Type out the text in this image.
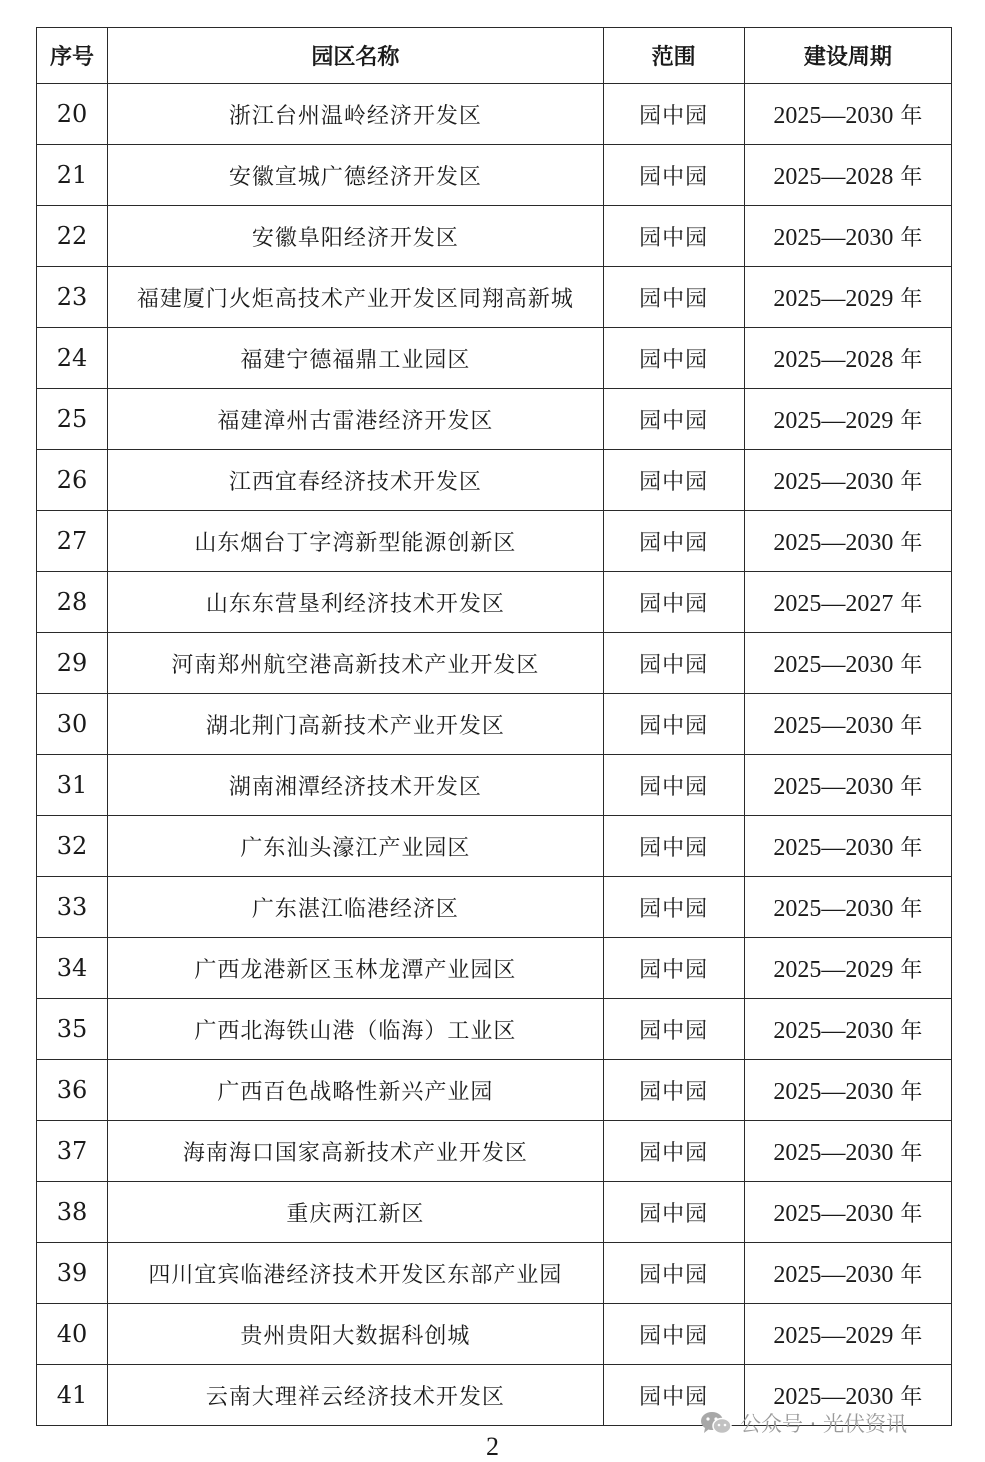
序号	园区名称	范围	建设周期
20	浙江台州温岭经济开发区	园中园	2025—2030 年
21	安徽宣城广德经济开发区	园中园	2025—2028 年
22	安徽阜阳经济开发区	园中园	2025—2030 年
23	福建厦门火炬高技术产业开发区同翔高新城	园中园	2025—2029 年
24	福建宁德福鼎工业园区	园中园	2025—2028 年
25	福建漳州古雷港经济开发区	园中园	2025—2029 年
26	江西宜春经济技术开发区	园中园	2025—2030 年
27	山东烟台丁字湾新型能源创新区	园中园	2025—2030 年
28	山东东营垦利经济技术开发区	园中园	2025—2027 年
29	河南郑州航空港高新技术产业开发区	园中园	2025—2030 年
30	湖北荆门高新技术产业开发区	园中园	2025—2030 年
31	湖南湘潭经济技术开发区	园中园	2025—2030 年
32	广东汕头濠江产业园区	园中园	2025—2030 年
33	广东湛江临港经济区	园中园	2025—2030 年
34	广西龙港新区玉林龙潭产业园区	园中园	2025—2029 年
35	广西北海铁山港（临海）工业区	园中园	2025—2030 年
36	广西百色战略性新兴产业园	园中园	2025—2030 年
37	海南海口国家高新技术产业开发区	园中园	2025—2030 年
38	重庆两江新区	园中园	2025—2030 年
39	四川宜宾临港经济技术开发区东部产业园	园中园	2025—2030 年
40	贵州贵阳大数据科创城	园中园	2025—2029 年
41	云南大理祥云经济技术开发区	园中园	2025—2030 年
公众号 · 光伏资讯
2
